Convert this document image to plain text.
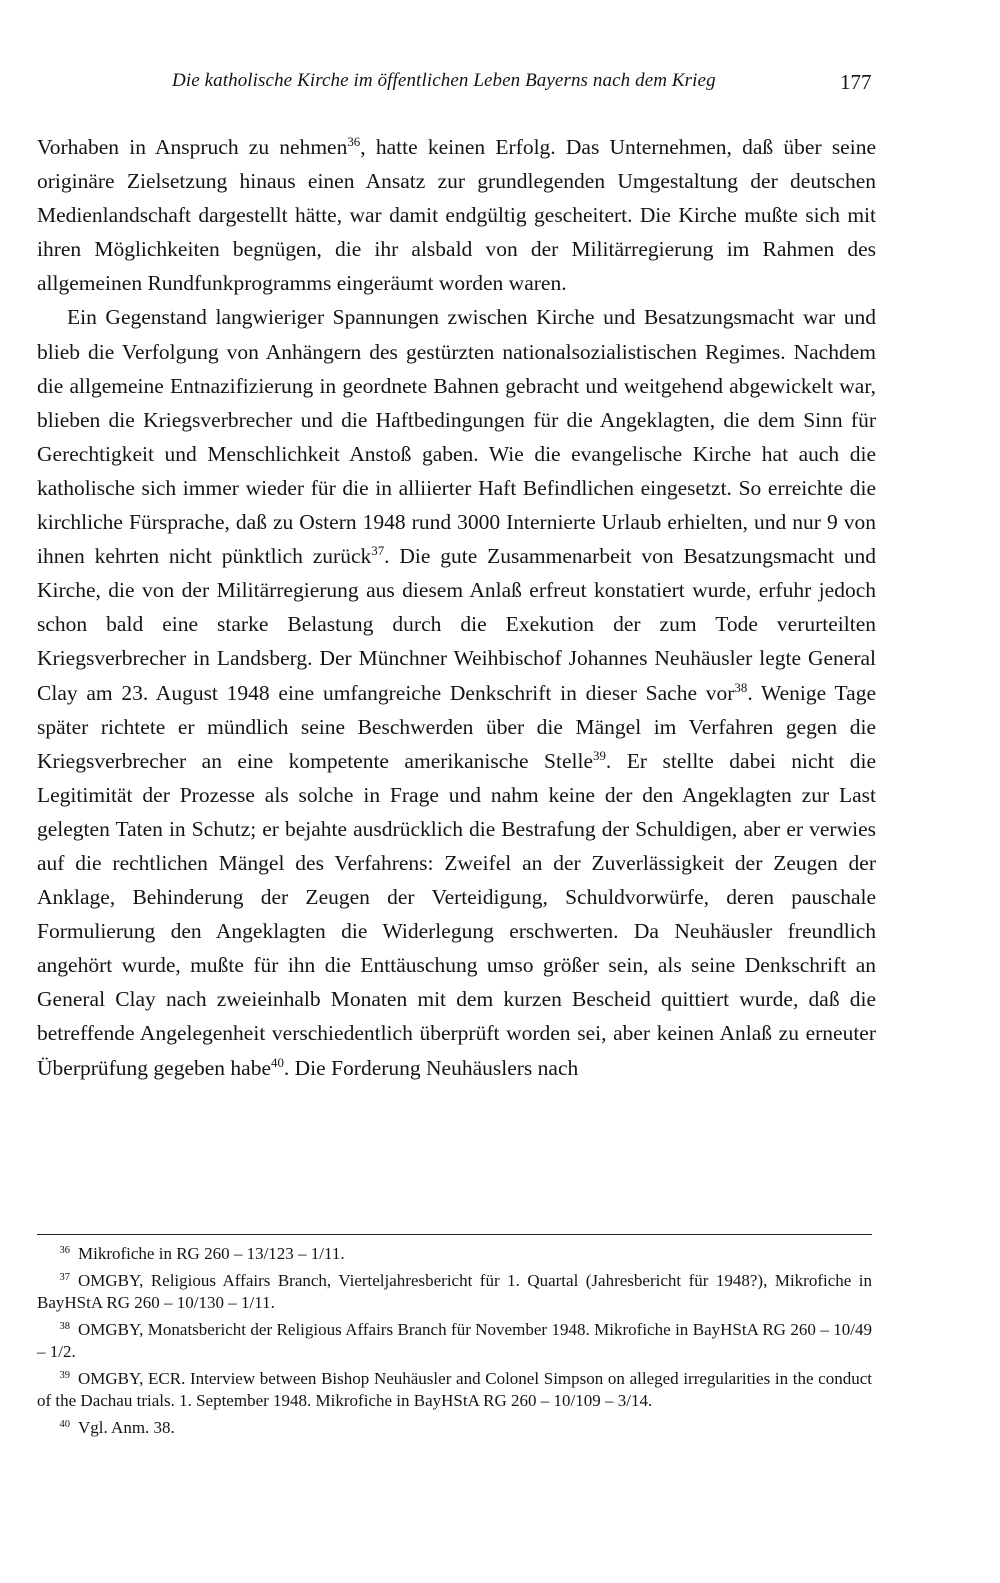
Die katholische Kirche im öffentlichen Leben Bayerns nach dem Krieg	177

Vorhaben in Anspruch zu nehmen$^{36}$, hatte keinen Erfolg. Das Unternehmen, daß über seine originäre Zielsetzung hinaus einen Ansatz zur grundlegenden Umgestaltung der deutschen Medienlandschaft dargestellt hätte, war damit endgültig gescheitert. Die Kirche mußte sich mit ihren Möglichkeiten begnügen, die ihr alsbald von der Militärregierung im Rahmen des allgemeinen Rundfunkprogramms eingeräumt worden waren.

Ein Gegenstand langwieriger Spannungen zwischen Kirche und Besatzungsmacht war und blieb die Verfolgung von Anhängern des gestürzten nationalsozialistischen Regimes. Nachdem die allgemeine Entnazifizierung in geordnete Bahnen gebracht und weitgehend abgewickelt war, blieben die Kriegsverbrecher und die Haftbedingungen für die Angeklagten, die dem Sinn für Gerechtigkeit und Menschlichkeit Anstoß gaben. Wie die evangelische Kirche hat auch die katholische sich immer wieder für die in alliierter Haft Befindlichen eingesetzt. So erreichte die kirchliche Fürsprache, daß zu Ostern 1948 rund 3000 Internierte Urlaub erhielten, und nur 9 von ihnen kehrten nicht pünktlich zurück$^{37}$. Die gute Zusammenarbeit von Besatzungsmacht und Kirche, die von der Militärregierung aus diesem Anlaß erfreut konstatiert wurde, erfuhr jedoch schon bald eine starke Belastung durch die Exekution der zum Tode verurteilten Kriegsverbrecher in Landsberg. Der Münchner Weihbischof Johannes Neuhäusler legte General Clay am 23. August 1948 eine umfangreiche Denkschrift in dieser Sache vor$^{38}$. Wenige Tage später richtete er mündlich seine Beschwerden über die Mängel im Verfahren gegen die Kriegsverbrecher an eine kompetente amerikanische Stelle$^{39}$. Er stellte dabei nicht die Legitimität der Prozesse als solche in Frage und nahm keine der den Angeklagten zur Last gelegten Taten in Schutz; er bejahte ausdrücklich die Bestrafung der Schuldigen, aber er verwies auf die rechtlichen Mängel des Verfahrens: Zweifel an der Zuverlässigkeit der Zeugen der Anklage, Behinderung der Zeugen der Verteidigung, Schuldvorwürfe, deren pauschale Formulierung den Angeklagten die Widerlegung erschwerten. Da Neuhäusler freundlich angehört wurde, mußte für ihn die Enttäuschung umso größer sein, als seine Denkschrift an General Clay nach zweieinhalb Monaten mit dem kurzen Bescheid quittiert wurde, daß die betreffende Angelegenheit verschiedentlich überprüft worden sei, aber keinen Anlaß zu erneuter Überprüfung gegeben habe$^{40}$. Die Forderung Neuhäuslers nach

36 Mikrofiche in RG 260 – 13/123 – 1/11.

37 OMGBY, Religious Affairs Branch, Vierteljahresbericht für 1. Quartal (Jahresbericht für 1948?), Mikrofiche in BayHStA RG 260 – 10/130 – 1/11.

38 OMGBY, Monatsbericht der Religious Affairs Branch für November 1948. Mikrofiche in BayHStA RG 260 – 10/49 – 1/2.

39 OMGBY, ECR. Interview between Bishop Neuhäusler and Colonel Simpson on alleged irregularities in the conduct of the Dachau trials. 1. September 1948. Mikrofiche in BayHStA RG 260 – 10/109 – 3/14.

40 Vgl. Anm. 38.
